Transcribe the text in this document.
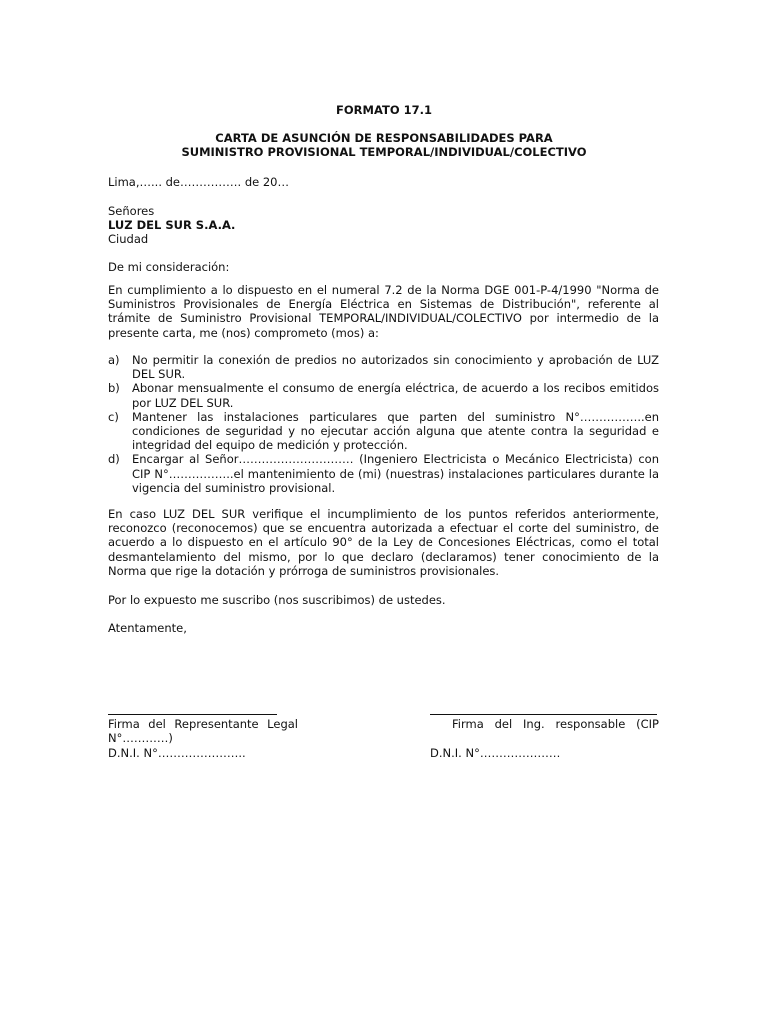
FORMATO 17.1
CARTA DE ASUNCIÓN DE RESPONSABILIDADES PARA
SUMINISTRO PROVISIONAL TEMPORAL/INDIVIDUAL/COLECTIVO
Lima,…... de……………. de 20…
Señores
LUZ DEL SUR S.A.A.
Ciudad
De mi consideración:
En cumplimiento a lo dispuesto en el numeral 7.2 de la Norma DGE 001-P-4/1990 "Norma de Suministros Provisionales de Energía Eléctrica en Sistemas de Distribución", referente al trámite de Suministro Provisional TEMPORAL/INDIVIDUAL/COLECTIVO por intermedio de la presente carta, me (nos) comprometo (mos) a:
a) No permitir la conexión de predios no autorizados sin conocimiento y aprobación de LUZ DEL SUR.
b) Abonar mensualmente el consumo de energía eléctrica, de acuerdo a los recibos emitidos por LUZ DEL SUR.
c) Mantener las instalaciones particulares que parten del suministro N°……………..en condiciones de seguridad y no ejecutar acción alguna que atente contra la seguridad e integridad del equipo de medición y protección.
d) Encargar al Señor………………………… (Ingeniero Electricista o Mecánico Electricista) con CIP N°……………..el mantenimiento de (mi) (nuestras) instalaciones particulares durante la vigencia del suministro provisional.
En caso LUZ DEL SUR verifique el incumplimiento de los puntos referidos anteriormente, reconozco (reconocemos) que se encuentra autorizada a efectuar el corte del suministro, de acuerdo a lo dispuesto en el artículo 90° de la Ley de Concesiones Eléctricas, como el total desmantelamiento del mismo, por lo que declaro (declaramos) tener conocimiento de la Norma que rige la dotación y prórroga de suministros provisionales.
Por lo expuesto me suscribo (nos suscribimos) de ustedes.
Atentamente,
Firma del Representante Legal	Firma del Ing. responsable (CIP
N°…………)
D.N.I. N°…………………..	D.N.I. N°…………………
